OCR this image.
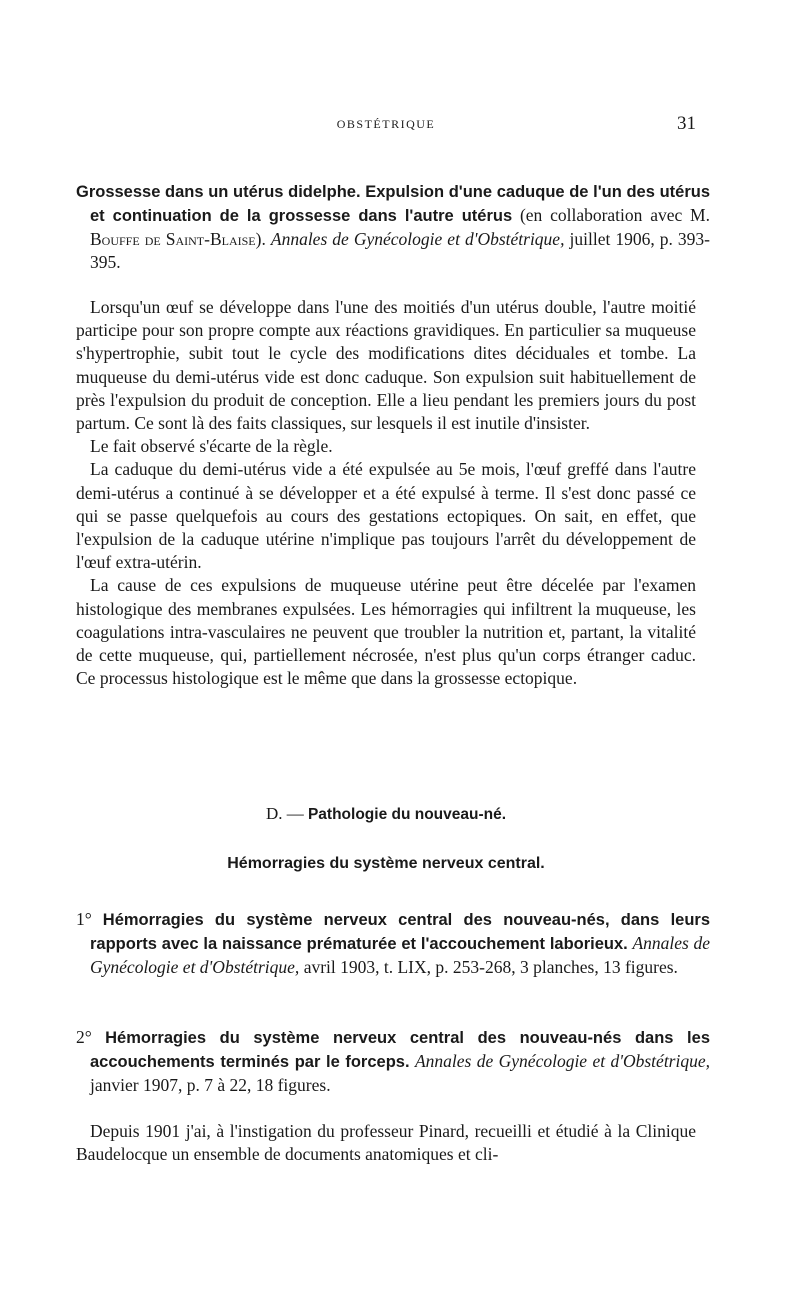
OBSTÉTRIQUE	31
Grossesse dans un utérus didelphe. Expulsion d'une caduque de l'un des utérus et continuation de la grossesse dans l'autre utérus (en collaboration avec M. Bouffe de Saint-Blaise). Annales de Gynécologie et d'Obstétrique, juillet 1906, p. 393-395.

Lorsqu'un œuf se développe dans l'une des moitiés d'un utérus double, l'autre moitié participe pour son propre compte aux réactions gravidiques. En particulier sa muqueuse s'hypertrophie, subit tout le cycle des modifications dites déciduales et tombe. La muqueuse du demi-utérus vide est donc caduque. Son expulsion suit habituellement de près l'expulsion du produit de conception. Elle a lieu pendant les premiers jours du post partum. Ce sont là des faits classiques, sur lesquels il est inutile d'insister.

Le fait observé s'écarte de la règle.

La caduque du demi-utérus vide a été expulsée au 5e mois, l'œuf greffé dans l'autre demi-utérus a continué à se développer et a été expulsé à terme. Il s'est donc passé ce qui se passe quelquefois au cours des gestations ectopiques. On sait, en effet, que l'expulsion de la caduque utérine n'implique pas toujours l'arrêt du développement de l'œuf extra-utérin.

La cause de ces expulsions de muqueuse utérine peut être décelée par l'examen histologique des membranes expulsées. Les hémorragies qui infiltrent la muqueuse, les coagulations intra-vasculaires ne peuvent que troubler la nutrition et, partant, la vitalité de cette muqueuse, qui, partiellement nécrosée, n'est plus qu'un corps étranger caduc. Ce processus histologique est le même que dans la grossesse ectopique.

D. — Pathologie du nouveau-né.
Hémorragies du système nerveux central.
1° Hémorragies du système nerveux central des nouveau-nés, dans leurs rapports avec la naissance prématurée et l'accouchement laborieux. Annales de Gynécologie et d'Obstétrique, avril 1903, t. LIX, p. 253-268, 3 planches, 13 figures.
2° Hémorragies du système nerveux central des nouveau-nés dans les accouchements terminés par le forceps. Annales de Gynécologie et d'Obstétrique, janvier 1907, p. 7 à 22, 18 figures.

Depuis 1901 j'ai, à l'instigation du professeur Pinard, recueilli et étudié à la Clinique Baudelocque un ensemble de documents anatomiques et cli-
